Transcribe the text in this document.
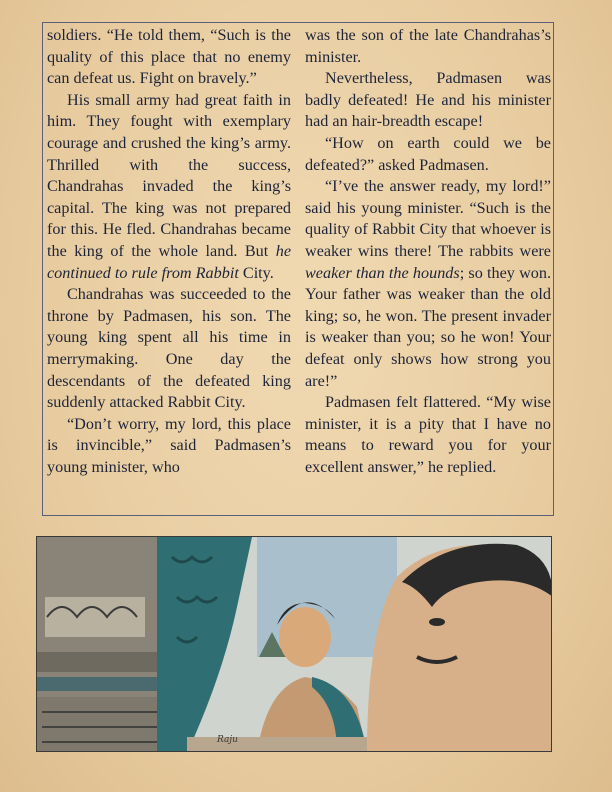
soldiers. “He told them, “Such is the quality of this place that no enemy can defeat us. Fight on bravely.”

His small army had great faith in him. They fought with exemplary courage and crushed the king’s army. Thrilled with the success, Chandrahas invaded the king’s capital. The king was not prepared for this. He fled. Chandrahas became the king of the whole land. But he continued to rule from Rabbit City.

Chandrahas was succeeded to the throne by Padmasen, his son. The young king spent all his time in merrymaking. One day the descendants of the defeated king suddenly attacked Rabbit City.

“Don’t worry, my lord, this place is invincible,” said Padmasen’s young minister, who

was the son of the late Chandrahas’s minister.

Nevertheless, Padmasen was badly defeated! He and his minister had an hair-breadth escape!

“How on earth could we be defeated?” asked Padmasen.

“I’ve the answer ready, my lord!” said his young minister. “Such is the quality of Rabbit City that whoever is weaker wins there! The rabbits were weaker than the hounds; so they won. Your father was weaker than the old king; so, he won. The present invader is weaker than you; so he won! Your defeat only shows how strong you are!”

Padmasen felt flattered. “My wise minister, it is a pity that I have no means to reward you for your excellent answer,” he replied.

Raju
